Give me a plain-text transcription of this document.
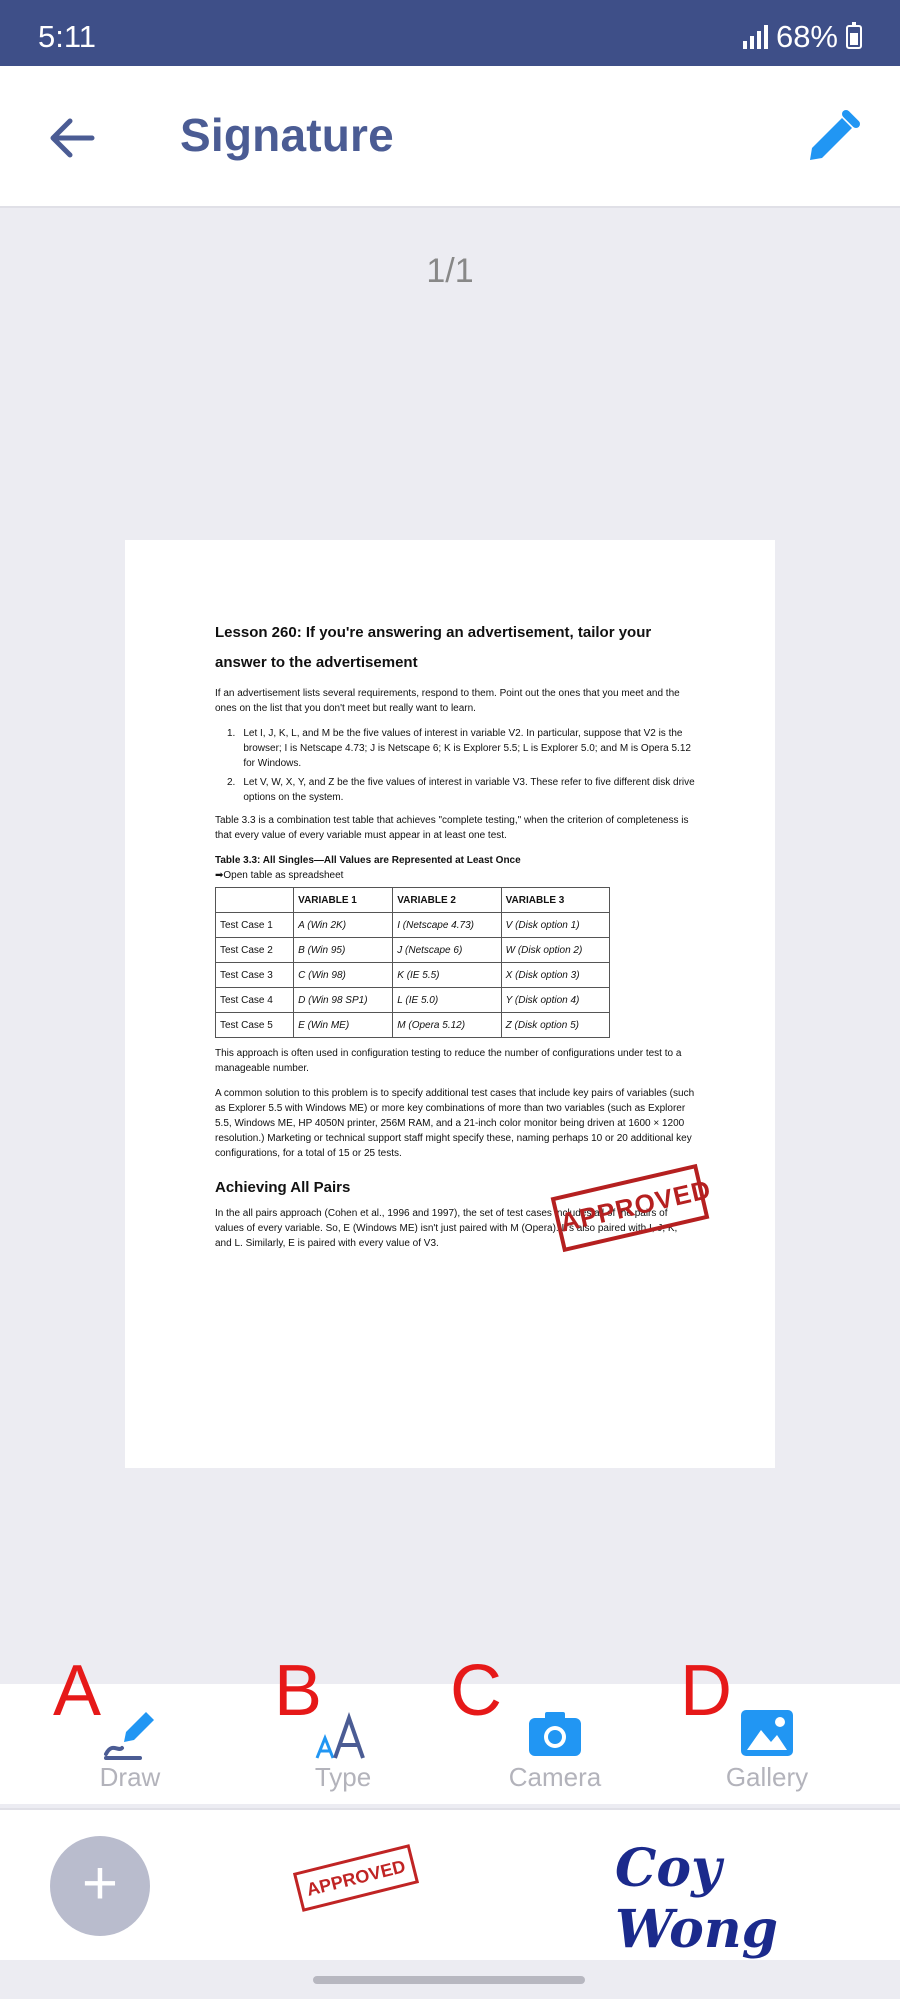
5:11	68%
Signature
1/1
Lesson 260: If you're answering an advertisement, tailor your answer to the advertisement
If an advertisement lists several requirements, respond to them. Point out the ones that you meet and the ones on the list that you don't meet but really want to learn.
1. Let I, J, K, L, and M be the five values of interest in variable V2. In particular, suppose that V2 is the browser; I is Netscape 4.73; J is Netscape 6; K is Explorer 5.5; L is Explorer 5.0; and M is Opera 5.12 for Windows.
2. Let V, W, X, Y, and Z be the five values of interest in variable V3. These refer to five different disk drive options on the system.
Table 3.3 is a combination test table that achieves "complete testing," when the criterion of completeness is that every value of every variable must appear in at least one test.
Table 3.3: All Singles—All Values are Represented at Least Once
➡Open table as spreadsheet
	VARIABLE 1	VARIABLE 2	VARIABLE 3
Test Case 1	A (Win 2K)	I (Netscape 4.73)	V (Disk option 1)
Test Case 2	B (Win 95)	J (Netscape 6)	W (Disk option 2)
Test Case 3	C (Win 98)	K (IE 5.5)	X (Disk option 3)
Test Case 4	D (Win 98 SP1)	L (IE 5.0)	Y (Disk option 4)
Test Case 5	E (Win ME)	M (Opera 5.12)	Z (Disk option 5)
This approach is often used in configuration testing to reduce the number of configurations under test to a manageable number.
A common solution to this problem is to specify additional test cases that include key pairs of variables (such as Explorer 5.5 with Windows ME) or more key combinations of more than two variables (such as Explorer 5.5, Windows ME, HP 4050N printer, 256M RAM, and a 21-inch color monitor being driven at 1600 × 1200 resolution.) Marketing or technical support staff might specify these, naming perhaps 10 or 20 additional key configurations, for a total of 15 or 25 tests.
Achieving All Pairs
In the all pairs approach (Cohen et al., 1996 and 1997), the set of test cases includes all of the pairs of values of every variable. So, E (Windows ME) isn't just paired with M (Opera). It's also paired with I, J, K, and L. Similarly, E is paired with every value of V3.
APPROVED
A
Draw
B
Type
C
Camera
D
Gallery
+	APPROVED	Coy Wong
